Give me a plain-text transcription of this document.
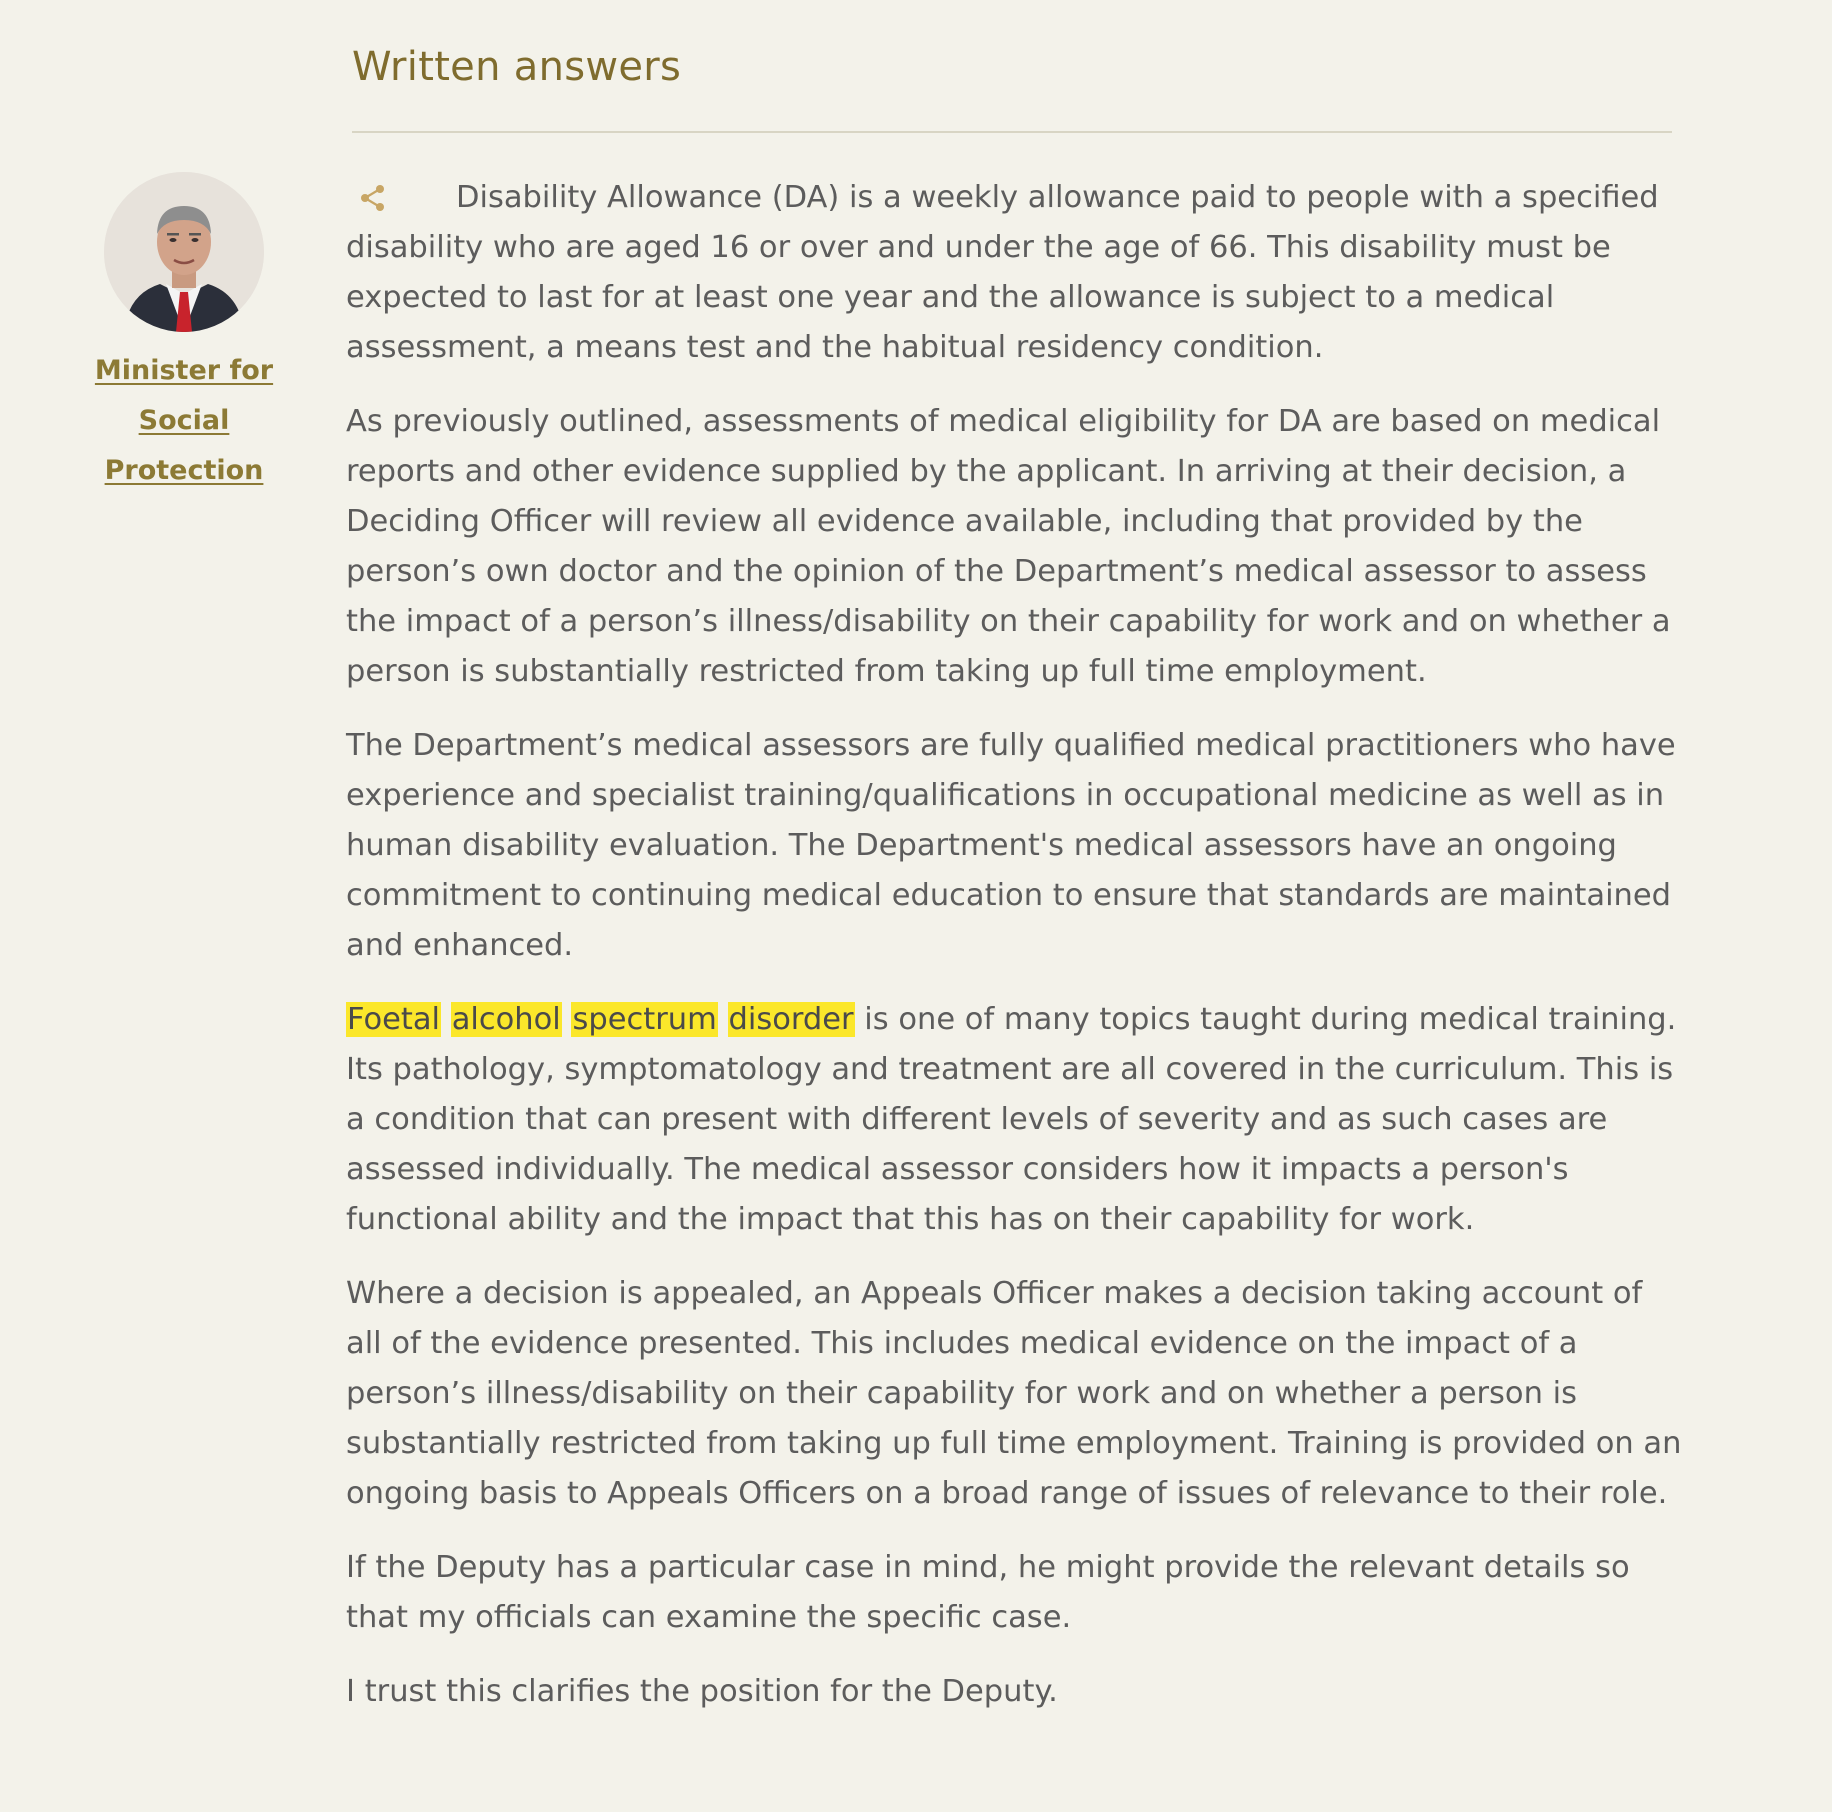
Written answers
Minister for Social Protection

Disability Allowance (DA) is a weekly allowance paid to people with a specified disability who are aged 16 or over and under the age of 66. This disability must be expected to last for at least one year and the allowance is subject to a medical assessment, a means test and the habitual residency condition.

As previously outlined, assessments of medical eligibility for DA are based on medical reports and other evidence supplied by the applicant. In arriving at their decision, a Deciding Officer will review all evidence available, including that provided by the person’s own doctor and the opinion of the Department’s medical assessor to assess the impact of a person’s illness/disability on their capability for work and on whether a person is substantially restricted from taking up full time employment.

The Department’s medical assessors are fully qualified medical practitioners who have experience and specialist training/qualifications in occupational medicine as well as in human disability evaluation. The Department's medical assessors have an ongoing commitment to continuing medical education to ensure that standards are maintained and enhanced.

Foetal alcohol spectrum disorder is one of many topics taught during medical training. Its pathology, symptomatology and treatment are all covered in the curriculum. This is a condition that can present with different levels of severity and as such cases are assessed individually. The medical assessor considers how it impacts a person's functional ability and the impact that this has on their capability for work.

Where a decision is appealed, an Appeals Officer makes a decision taking account of all of the evidence presented. This includes medical evidence on the impact of a person’s illness/disability on their capability for work and on whether a person is substantially restricted from taking up full time employment. Training is provided on an ongoing basis to Appeals Officers on a broad range of issues of relevance to their role.

If the Deputy has a particular case in mind, he might provide the relevant details so that my officials can examine the specific case.

I trust this clarifies the position for the Deputy.
